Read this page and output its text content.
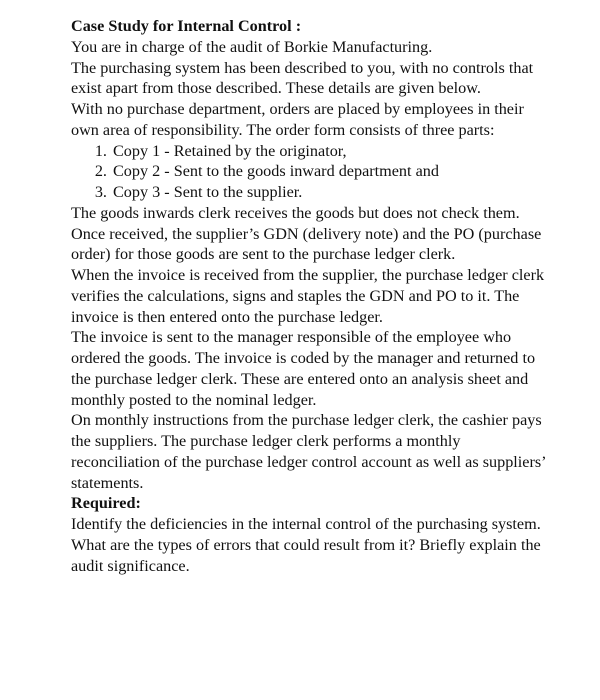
Case Study for Internal Control :

You are in charge of the audit of Borkie Manufacturing.

The purchasing system has been described to you, with no controls that exist apart from those described. These details are given below.

With no purchase department, orders are placed by employees in their own area of responsibility. The order form consists of three parts:

1. Copy 1 - Retained by the originator,
2. Copy 2 - Sent to the goods inward department and
3. Copy 3 - Sent to the supplier.

The goods inwards clerk receives the goods but does not check them. Once received, the supplier’s GDN (delivery note) and the PO (purchase order) for those goods are sent to the purchase ledger clerk.

When the invoice is received from the supplier, the purchase ledger clerk verifies the calculations, signs and staples the GDN and PO to it. The invoice is then entered onto the purchase ledger.

The invoice is sent to the manager responsible of the employee who ordered the goods. The invoice is coded by the manager and returned to the purchase ledger clerk. These are entered onto an analysis sheet and monthly posted to the nominal ledger.

On monthly instructions from the purchase ledger clerk, the cashier pays the suppliers. The purchase ledger clerk performs a monthly reconciliation of the purchase ledger control account as well as suppliers’ statements.

Required:

Identify the deficiencies in the internal control of the purchasing system. What are the types of errors that could result from it? Briefly explain the audit significance.
